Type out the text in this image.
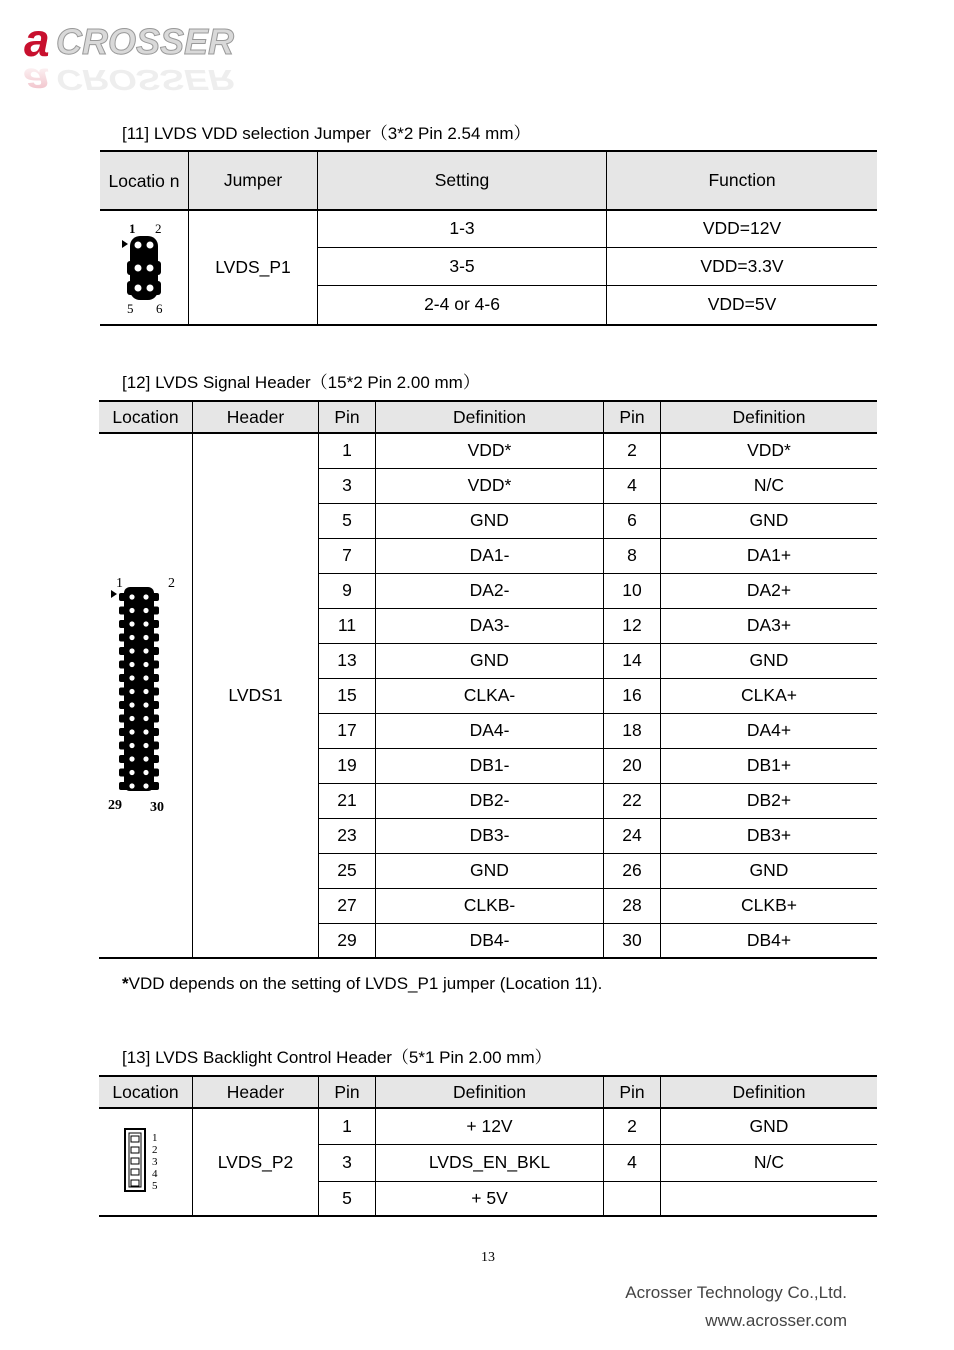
a CROSSER
a CROSSER
[11] LVDS VDD selection Jumper（3*2 Pin 2.54 mm）
Locatio n	Jumper	Setting	Function

1 2
5 6	LVDS_P1	1-3	VDD=12V
		3-5	VDD=3.3V
		2-4 or 4-6	VDD=5V
[12] LVDS Signal Header（15*2 Pin 2.00 mm）
Location	Header	Pin	Definition	Pin	Definition

1 2
29 30	LVDS1	1	VDD*	2	VDD*
		3	VDD*	4	N/C
		5	GND	6	GND
		7	DA1-	8	DA1+
		9	DA2-	10	DA2+
		11	DA3-	12	DA3+
		13	GND	14	GND
		15	CLKA-	16	CLKA+
		17	DA4-	18	DA4+
		19	DB1-	20	DB1+
		21	DB2-	22	DB2+
		23	DB3-	24	DB3+
		25	GND	26	GND
		27	CLKB-	28	CLKB+
		29	DB4-	30	DB4+
*VDD depends on the setting of LVDS_P1 jumper (Location 11).
[13] LVDS Backlight Control Header（5*1 Pin 2.00 mm）
Location	Header	Pin	Definition	Pin	Definition

1
2
3
4
5	LVDS_P2	1	+ 12V	2	GND
		3	LVDS_EN_BKL	4	N/C
		5	+ 5V		
13
Acrosser Technology Co.,Ltd.
www.acrosser.com
